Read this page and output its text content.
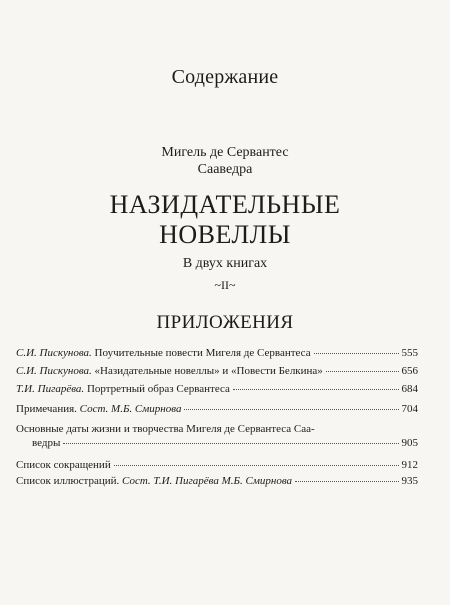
Содержание
Мигель де Сервантес
Сааведра
НАЗИДАТЕЛЬНЫЕ
НОВЕЛЛЫ
В двух книгах
~II~
ПРИЛОЖЕНИЯ
С.И. Пискунова. Поучительные повести Мигеля де Сервантеса	555
С.И. Пискунова. «Назидательные новеллы» и «Повести Белкина»	656
Т.И. Пигарёва. Портретный образ Сервантеса	684
Примечания. Сост. М.Б. Смирнова	704
Основные даты жизни и творчества Мигеля де Сервантеса Саа-
ведры	905
Список сокращений	912
Список иллюстраций. Сост. Т.И. Пигарёва М.Б. Смирнова	935
